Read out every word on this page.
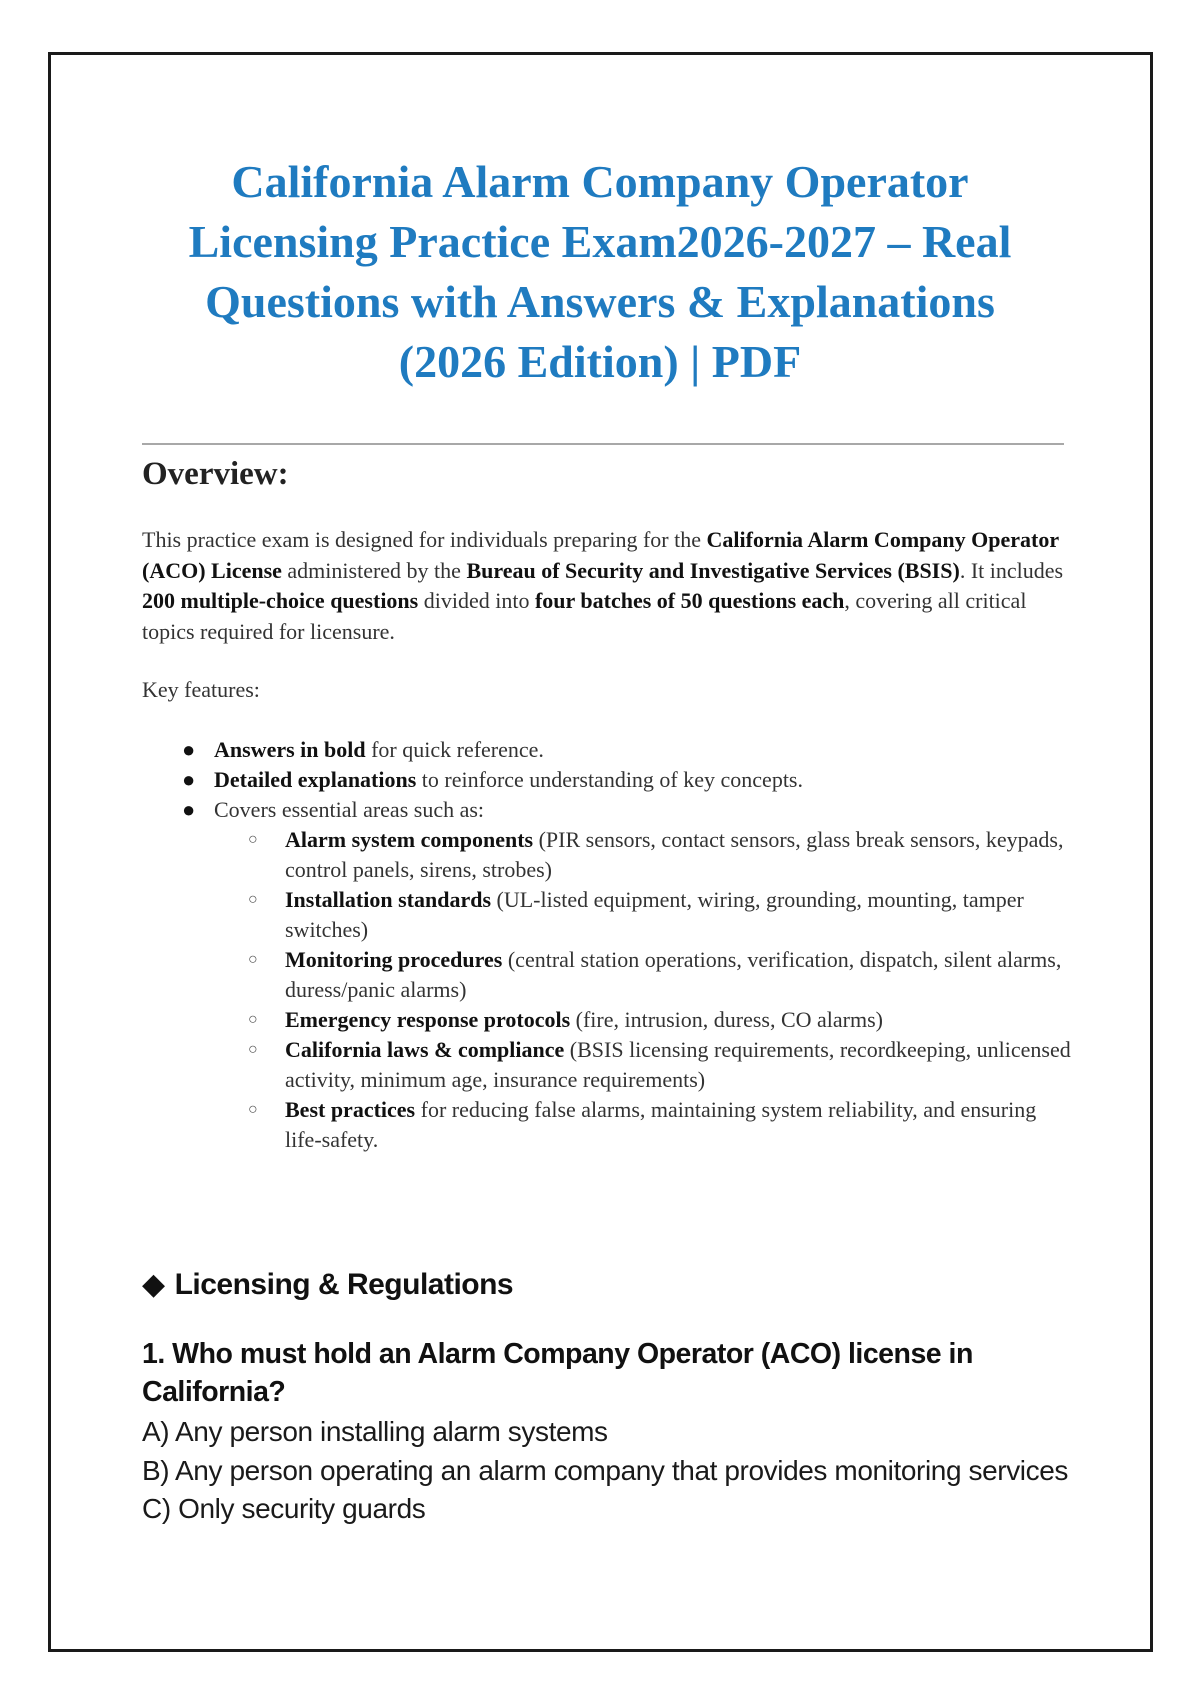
California Alarm Company Operator
Licensing Practice Exam2026-2027 – Real
Questions with Answers & Explanations
(2026 Edition) | PDF
Overview:

This practice exam is designed for individuals preparing for the California Alarm Company Operator (ACO) License administered by the Bureau of Security and Investigative Services (BSIS). It includes 200 multiple-choice questions divided into four batches of 50 questions each, covering all critical topics required for licensure.

Key features:

● Answers in bold for quick reference.
● Detailed explanations to reinforce understanding of key concepts.
● Covers essential areas such as:
○ Alarm system components (PIR sensors, contact sensors, glass break sensors, keypads, control panels, sirens, strobes)
○ Installation standards (UL-listed equipment, wiring, grounding, mounting, tamper switches)
○ Monitoring procedures (central station operations, verification, dispatch, silent alarms, duress/panic alarms)
○ Emergency response protocols (fire, intrusion, duress, CO alarms)
○ California laws & compliance (BSIS licensing requirements, recordkeeping, unlicensed activity, minimum age, insurance requirements)
○ Best practices for reducing false alarms, maintaining system reliability, and ensuring life-safety.
◆ Licensing & Regulations

1. Who must hold an Alarm Company Operator (ACO) license in California?

A) Any person installing alarm systems
B) Any person operating an alarm company that provides monitoring services
C) Only security guards
